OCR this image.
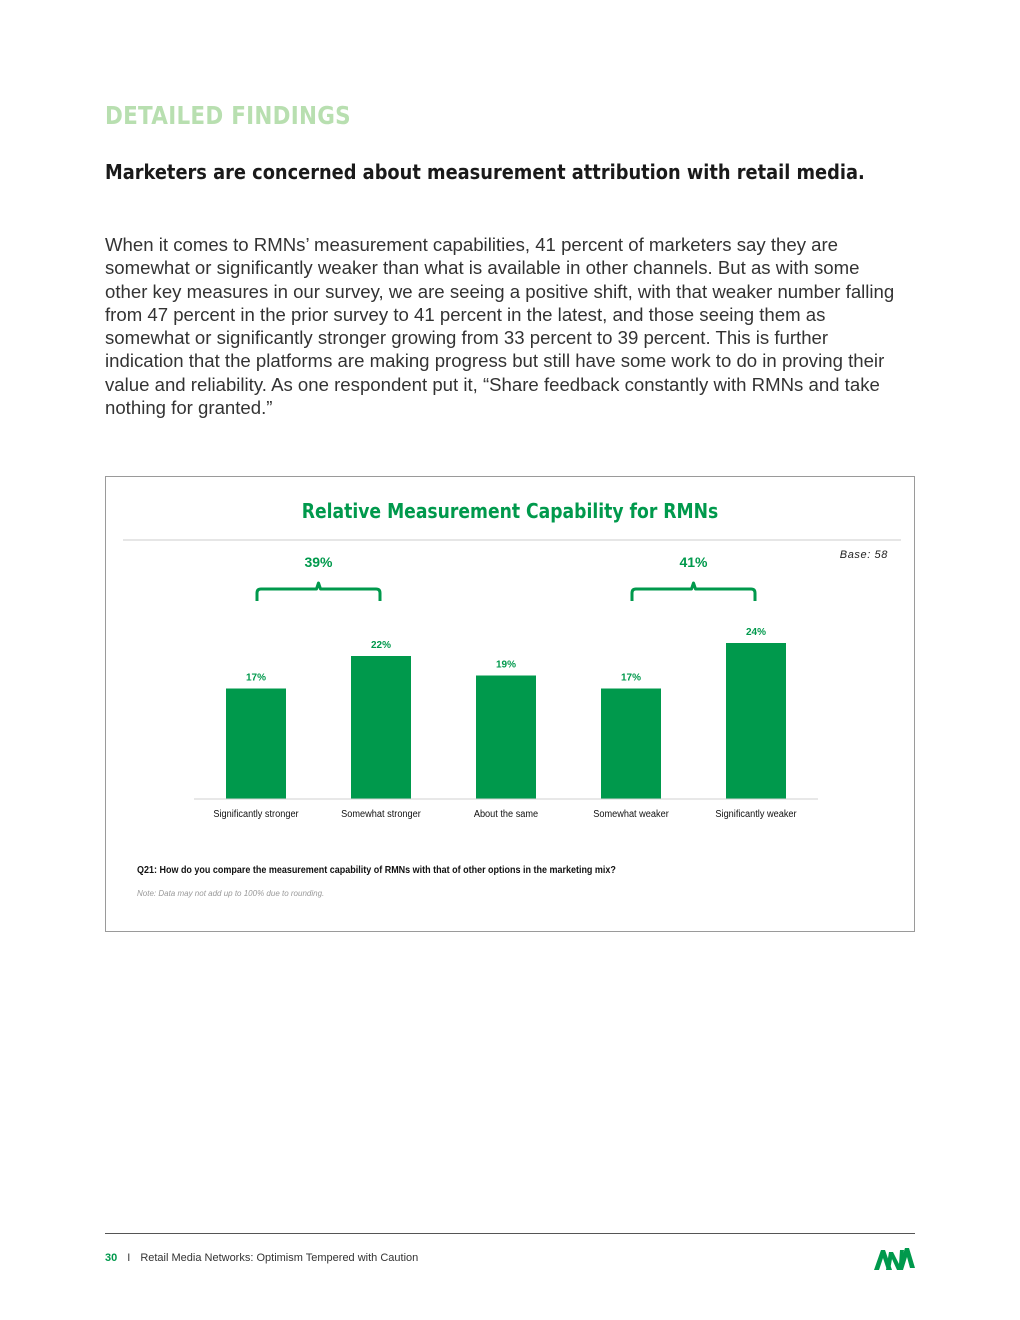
DETAILED FINDINGS
Marketers are concerned about measurement attribution with retail media.

When it comes to RMNs’ measurement capabilities, 41 percent of marketers say they are somewhat or significantly weaker than what is available in other channels. But as with some other key measures in our survey, we are seeing a positive shift, with that weaker number falling from 47 percent in the prior survey to 41 percent in the latest, and those seeing them as somewhat or significantly stronger growing from 33 percent to 39 percent. This is further indication that the platforms are making progress but still have some work to do in proving their value and reliability. As one respondent put it, “Share feedback constantly with RMNs and take nothing for granted.”

Relative Measurement Capability for RMNs
Base: 58
17%
Significantly stronger
22%
Somewhat stronger
19%
About the same
17%
Somewhat weaker
24%
Significantly weaker
39%	41%
Q21: How do you compare the measurement capability of RMNs with that of other options in the marketing mix?
Note: Data may not add up to 100% due to rounding.
30 I Retail Media Networks: Optimism Tempered with Caution
